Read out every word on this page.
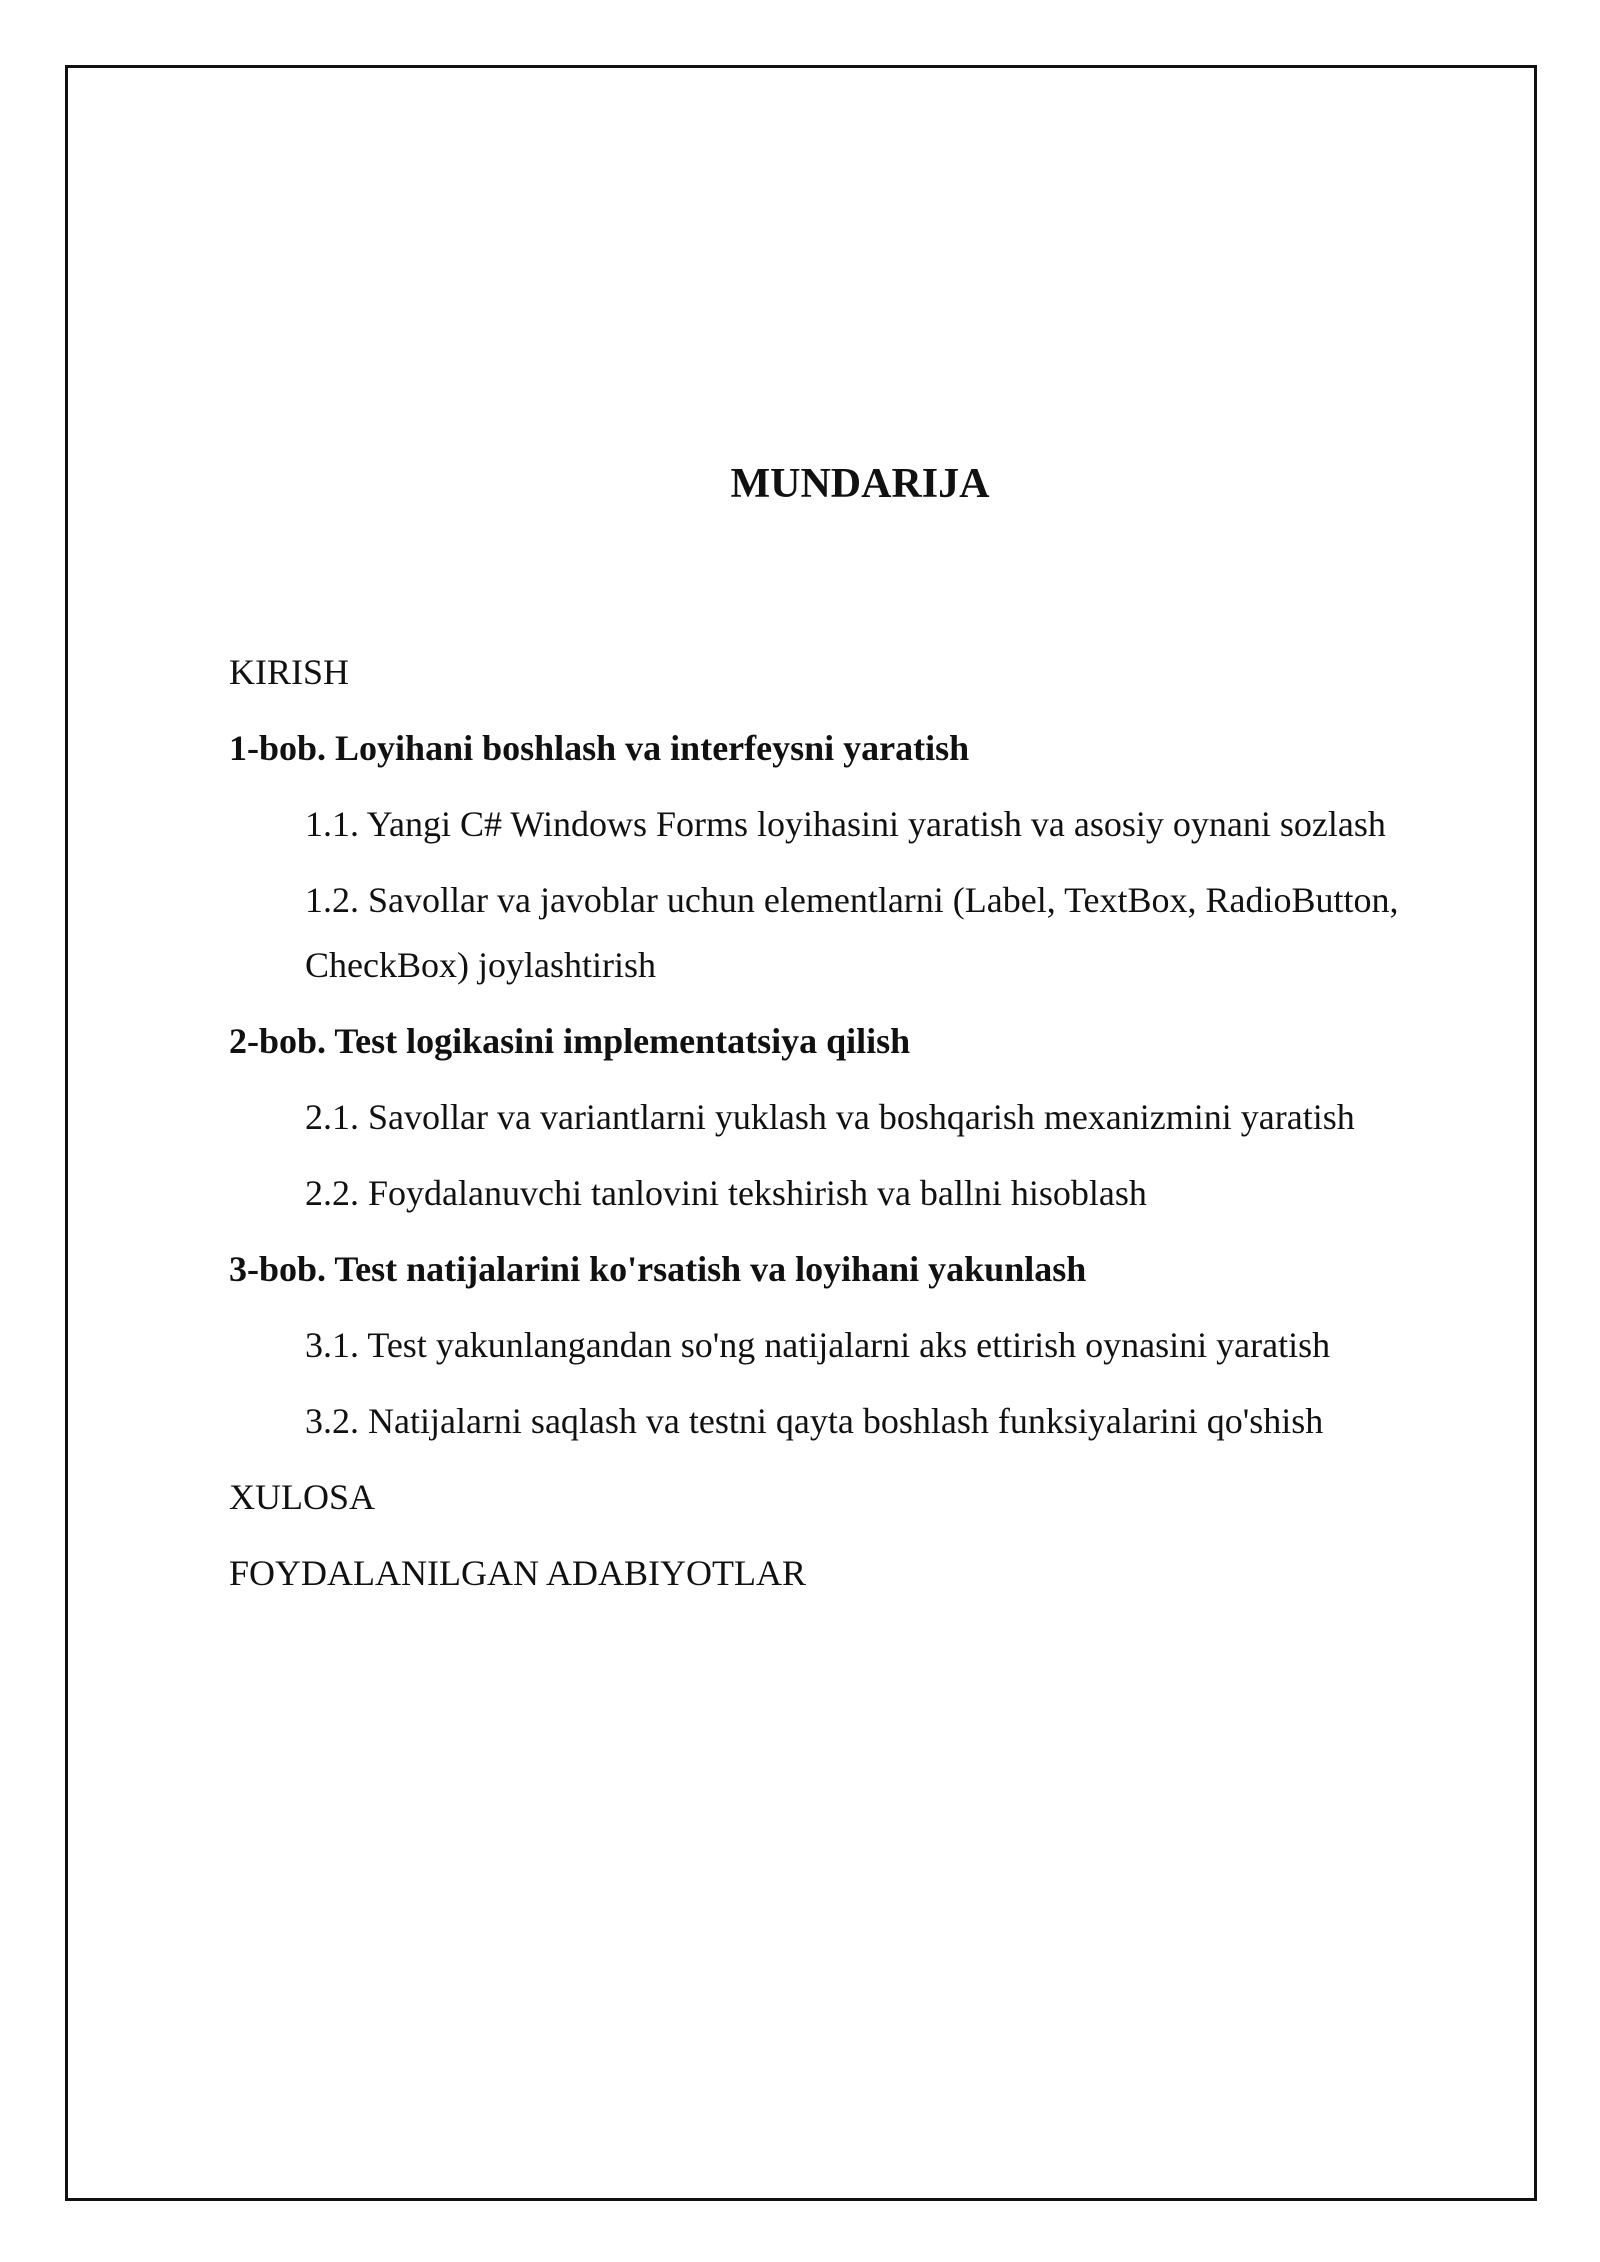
MUNDARIJA
KIRISH
1-bob. Loyihani boshlash va interfeysni yaratish
1.1. Yangi C# Windows Forms loyihasini yaratish va asosiy oynani sozlash
1.2. Savollar va javoblar uchun elementlarni (Label, TextBox, RadioButton, CheckBox) joylashtirish
2-bob. Test logikasini implementatsiya qilish
2.1. Savollar va variantlarni yuklash va boshqarish mexanizmini yaratish
2.2. Foydalanuvchi tanlovini tekshirish va ballni hisoblash
3-bob. Test natijalarini ko'rsatish va loyihani yakunlash
3.1. Test yakunlangandan so'ng natijalarni aks ettirish oynasini yaratish
3.2. Natijalarni saqlash va testni qayta boshlash funksiyalarini qo'shish
XULOSA
FOYDALANILGAN ADABIYOTLAR
